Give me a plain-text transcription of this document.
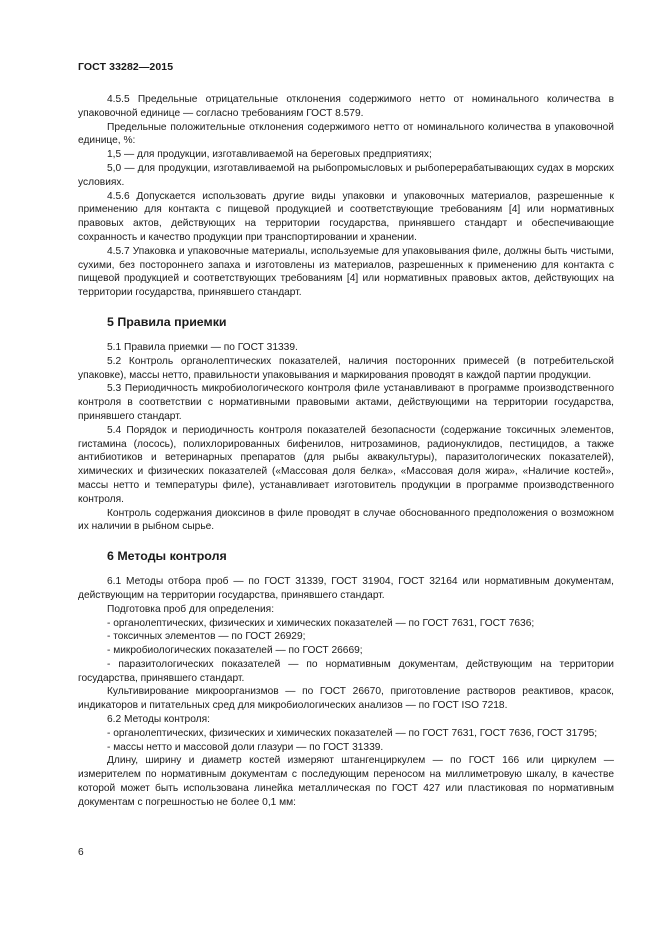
ГОСТ 33282—2015

4.5.5 Предельные отрицательные отклонения содержимого нетто от номинального количества в упаковочной единице — согласно требованиям ГОСТ 8.579.

Предельные положительные отклонения содержимого нетто от номинального количества в упаковочной единице, %:

1,5 — для продукции, изготавливаемой на береговых предприятиях;

5,0 — для продукции, изготавливаемой на рыбопромысловых и рыбоперерабатывающих судах в морских условиях.

4.5.6 Допускается использовать другие виды упаковки и упаковочных материалов, разрешенные к применению для контакта с пищевой продукцией и соответствующие требованиям [4] или нормативных правовых актов, действующих на территории государства, принявшего стандарт и обеспечивающие сохранность и качество продукции при транспортировании и хранении.

4.5.7 Упаковка и упаковочные материалы, используемые для упаковывания филе, должны быть чистыми, сухими, без постороннего запаха и изготовлены из материалов, разрешенных к применению для контакта с пищевой продукцией и соответствующих требованиям [4] или нормативных правовых актов, действующих на территории государства, принявшего стандарт.

5 Правила приемки

5.1 Правила приемки — по ГОСТ 31339.

5.2 Контроль органолептических показателей, наличия посторонних примесей (в потребительской упаковке), массы нетто, правильности упаковывания и маркирования проводят в каждой партии продукции.

5.3 Периодичность микробиологического контроля филе устанавливают в программе производственного контроля в соответствии с нормативными правовыми актами, действующими на территории государства, принявшего стандарт.

5.4 Порядок и периодичность контроля показателей безопасности (содержание токсичных элементов, гистамина (лосось), полихлорированных бифенилов, нитрозаминов, радионуклидов, пестицидов, а также антибиотиков и ветеринарных препаратов (для рыбы аквакультуры), паразитологических показателей), химических и физических показателей («Массовая доля белка», «Массовая доля жира», «Наличие костей», массы нетто и температуры филе), устанавливает изготовитель продукции в программе производственного контроля.

Контроль содержания диоксинов в филе проводят в случае обоснованного предположения о возможном их наличии в рыбном сырье.

6 Методы контроля

6.1 Методы отбора проб — по ГОСТ 31339, ГОСТ 31904, ГОСТ 32164 или нормативным документам, действующим на территории государства, принявшего стандарт.

Подготовка проб для определения:

- органолептических, физических и химических показателей — по ГОСТ 7631, ГОСТ 7636;

- токсичных элементов — по ГОСТ 26929;

- микробиологических показателей — по ГОСТ 26669;

- паразитологических показателей — по нормативным документам, действующим на территории государства, принявшего стандарт.

Культивирование микроорганизмов — по ГОСТ 26670, приготовление растворов реактивов, красок, индикаторов и питательных сред для микробиологических анализов — по ГОСТ ISO 7218.

6.2 Методы контроля:

- органолептических, физических и химических показателей — по ГОСТ 7631, ГОСТ 7636, ГОСТ 31795;

- массы нетто и массовой доли глазури — по ГОСТ 31339.

Длину, ширину и диаметр костей измеряют штангенциркулем — по ГОСТ 166 или циркулем — измерителем по нормативным документам с последующим переносом на миллиметровую шкалу, в качестве которой может быть использована линейка металлическая по ГОСТ 427 или пластиковая по нормативным документам с погрешностью не более 0,1 мм:

6
